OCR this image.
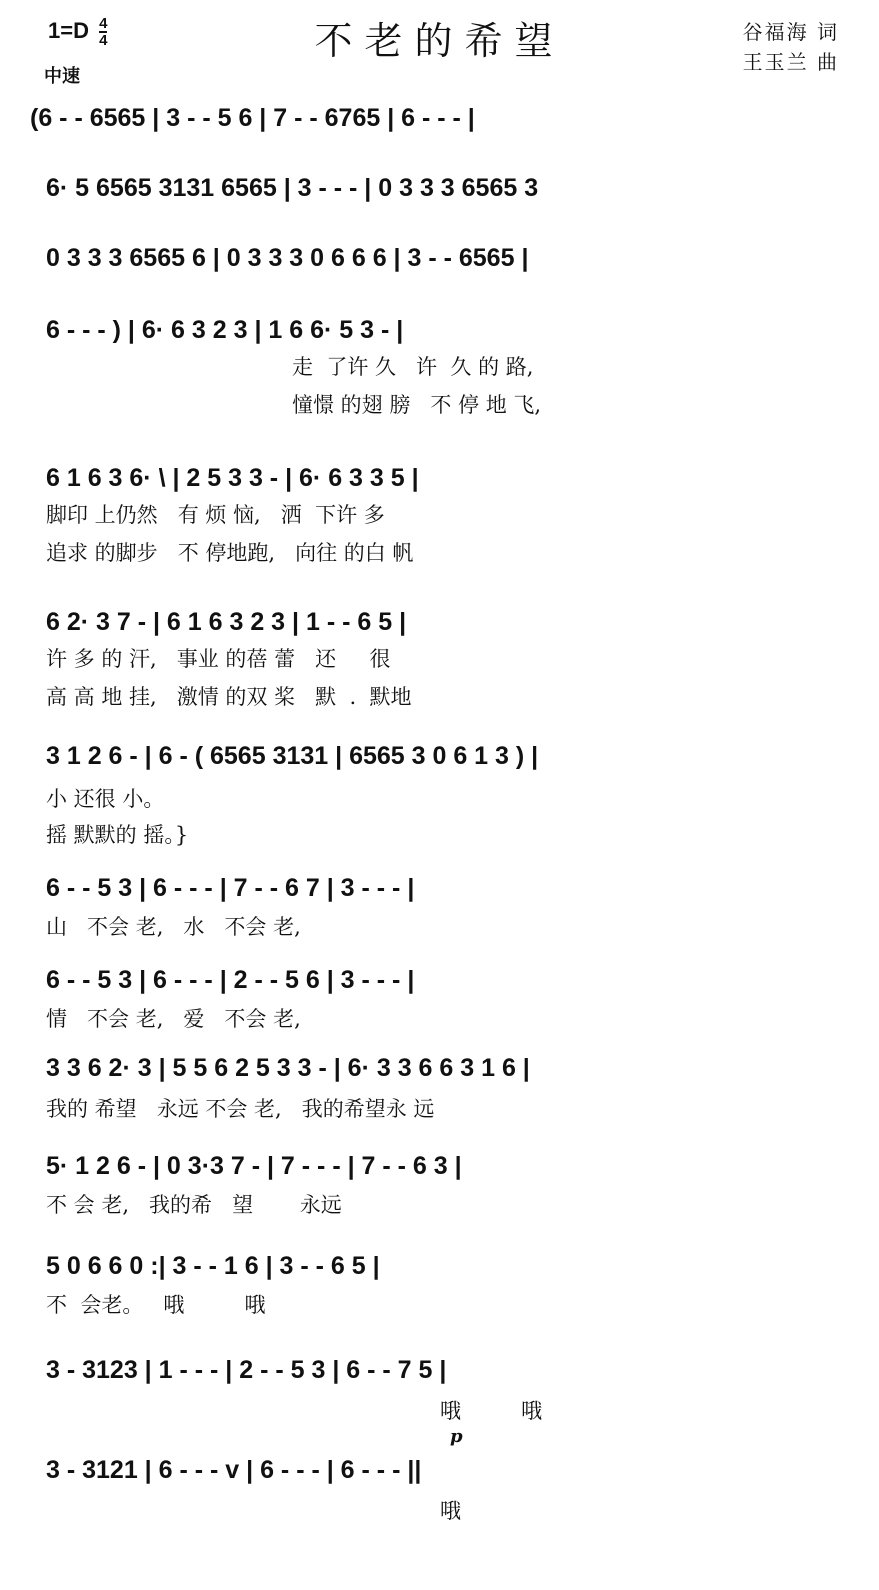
$1=D \frac{4}{4}$
中速
不老的希望	谷福海 词
王玉兰 曲

(6 - - 6565 | 3 - - 5 6 | 7 - - 6765 | 6 - - - |

6· 5 6565 3131 6565 | 3 - - - | 0 3 3 3 6565 3

0 3 3 3 6565 6 | 0 3 3 3 0 6 6 6 | 3 - - 6565 |

6 - - - ) | 6· 6 3 2 3 | 1 6 6· 5 3 - |

走  了许 久   许  久 的 路,

憧憬 的翅 膀   不 停 地 飞,

6 1 6 3 6· \ | 2 5 3 3 - | 6· 6 3 3 5 |

脚印 上仍然   有 烦 恼,   洒  下许 多

追求 的脚步   不 停地跑,   向往 的白 帆

6 2· 3 7 - | 6 1 6 3 2 3 | 1 - - 6 5 |

许 多 的 汗,   事业 的蓓 蕾   还     很

高 高 地 挂,   激情 的双 桨   默  .  默地

3 1 2 6 - | 6 - ( 6565 3131 | 6565 3 0 6 1 3 ) |

小 还很 小。

摇 默默的 摇。}

6 - - 5 3 | 6 - - - | 7 - - 6 7 | 3 - - - |

山   不会 老,   水   不会 老,

6 - - 5 3 | 6 - - - | 2 - - 5 6 | 3 - - - |

情   不会 老,   爱   不会 老,

3 3 6 2· 3 | 5 5 6 2 5 3 3 - | 6· 3 3 6 6 3 1 6 |

我的 希望   永远 不会 老,   我的希望永 远

5· 1 2 6 - | 0 3·3 7 - | 7 - - - | 7 - - 6 3 |

不 会 老,   我的希   望       永远

5 0 6 6 0 :| 3 - - 1 6 | 3 - - 6 5 |

不  会老。   哦         哦

3 - 3123 | 1 - - - | 2 - - 5 3 | 6 - - 7 5 |

哦         哦

3 - 3121 | 6 - - - v | 6 - - - | 6 - - - ||

哦

p
